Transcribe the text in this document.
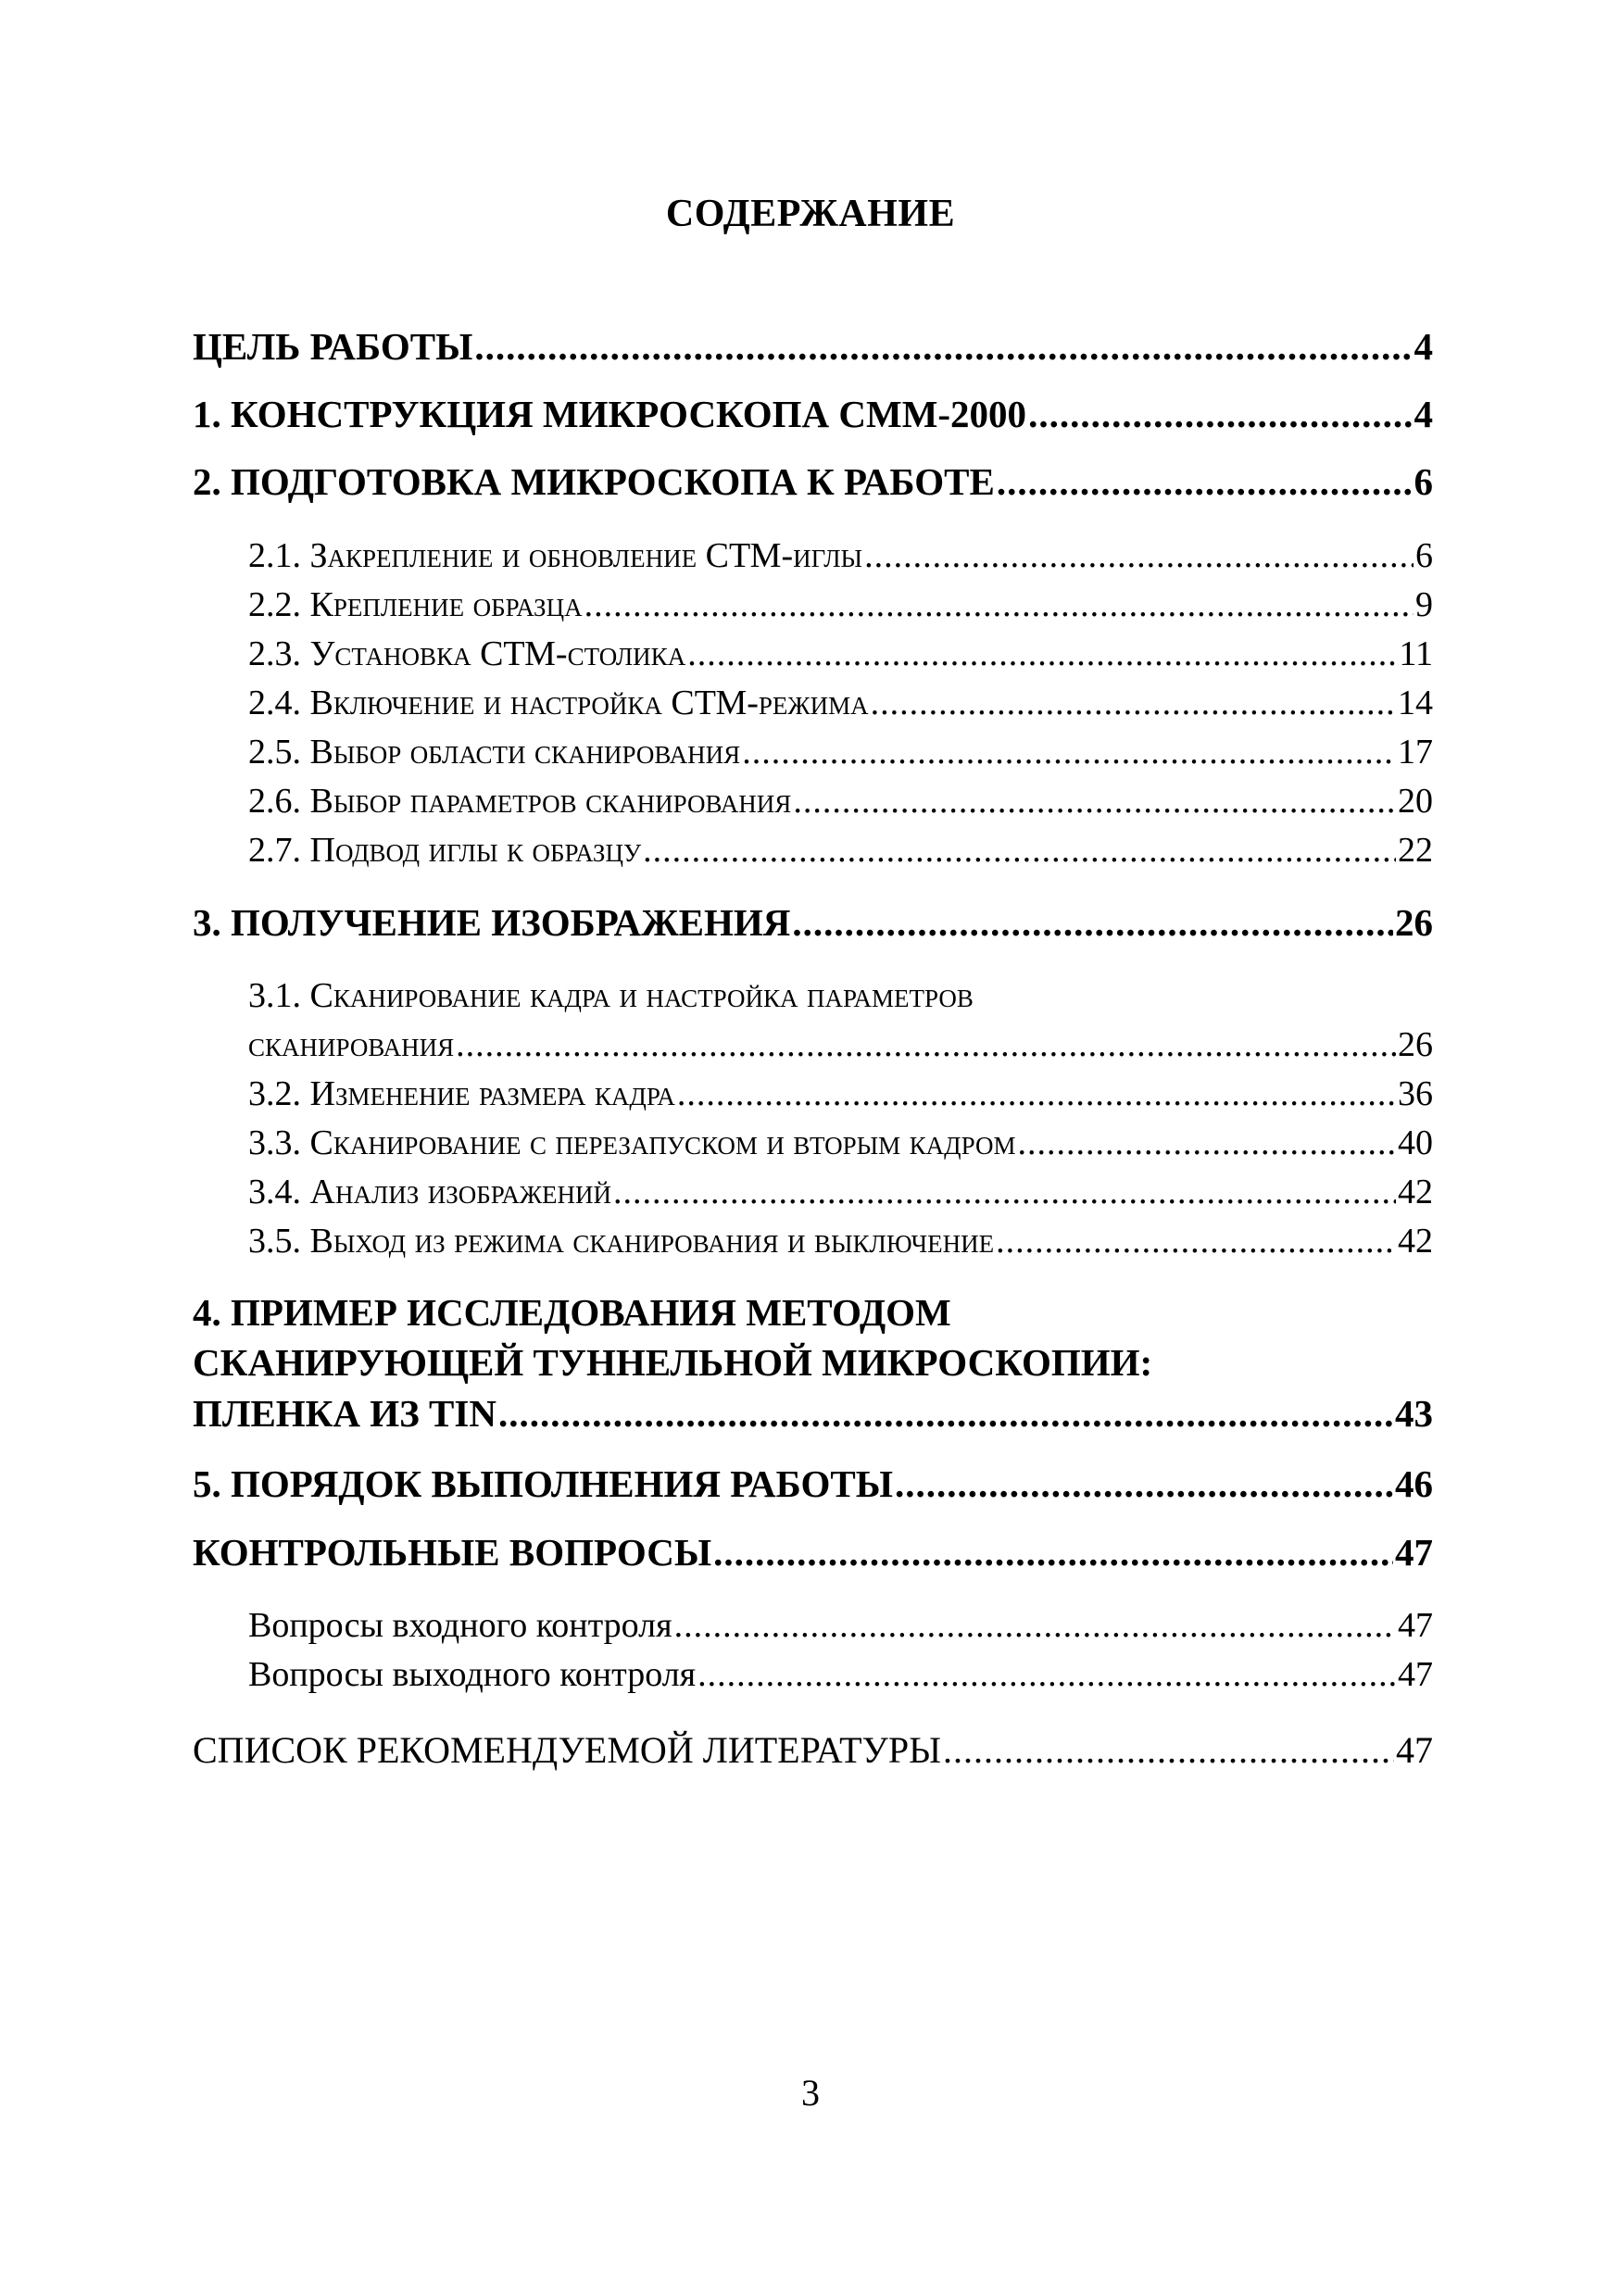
СОДЕРЖАНИЕ
ЦЕЛЬ РАБОТЫ .....	4
1. КОНСТРУКЦИЯ МИКРОСКОПА СММ-2000 .....	4
2. ПОДГОТОВКА МИКРОСКОПА К РАБОТЕ .....	6
2.1. Закрепление и обновление СТМ-иглы .....	6
2.2. Крепление образца .....	9
2.3. Установка СТМ-столика .....	11
2.4. Включение и настройка СТМ-режима .....	14
2.5. Выбор области сканирования .....	17
2.6. Выбор параметров сканирования .....	20
2.7. Подвод иглы к образцу .....	22
3. ПОЛУЧЕНИЕ ИЗОБРАЖЕНИЯ .....	26
3.1. Сканирование кадра и настройка параметров
сканирования .....	26
3.2. Изменение размера кадра .....	36
3.3. Сканирование с перезапуском и вторым кадром .....	40
3.4. Анализ изображений .....	42
3.5. Выход из режима сканирования и выключение .....	42
4. ПРИМЕР ИССЛЕДОВАНИЯ МЕТОДОМ
СКАНИРУЮЩЕЙ ТУННЕЛЬНОЙ МИКРОСКОПИИ:
ПЛЕНКА ИЗ TIN .....	43
5. ПОРЯДОК ВЫПОЛНЕНИЯ РАБОТЫ .....	46
КОНТРОЛЬНЫЕ ВОПРОСЫ .....	47
Вопросы входного контроля .....	47
Вопросы выходного контроля .....	47
СПИСОК РЕКОМЕНДУЕМОЙ ЛИТЕРАТУРЫ .....	47
3
